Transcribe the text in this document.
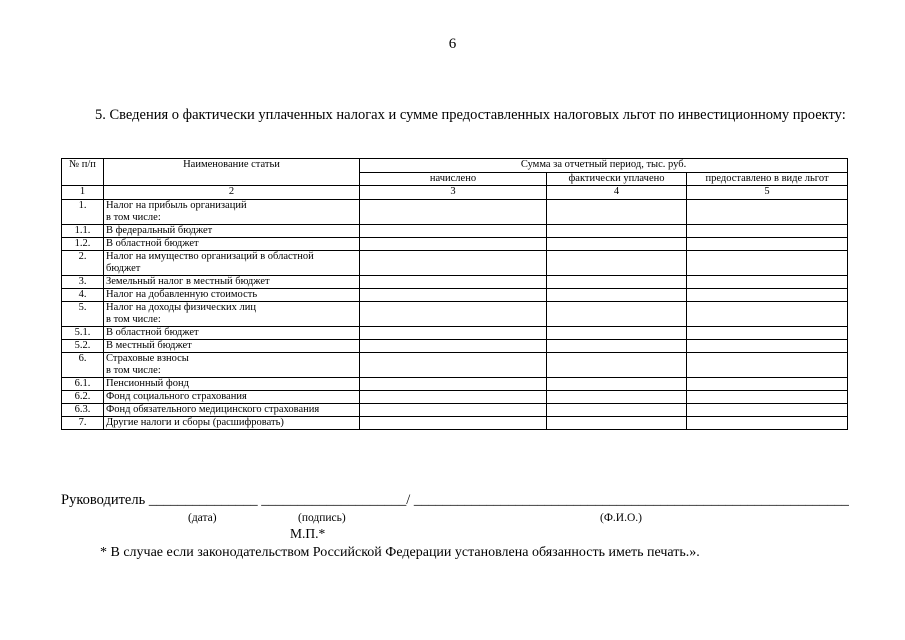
6
5. Сведения о фактически уплаченных налогах и сумме предоставленных налоговых льгот по инвестиционному проекту:
№ п/п	Наименование статьи	Сумма за отчетный период, тыс. руб.		
		начислено	фактически уплачено	предоставлено в виде льгот
1	2	3	4	5
1.	Налог на прибыль организаций
в том числе:			

1.1.	В федеральный бюджет			

1.2.	В областной бюджет			

2.	Налог на имущество организаций в областной
бюджет			

3.	Земельный налог в местный бюджет			

4.	Налог на добавленную стоимость			

5.	Налог на доходы физических лиц
в том числе:			

5.1.	В областной бюджет			

5.2.	В местный бюджет			

6.	Страховые взносы
в том числе:			

6.1.	Пенсионный фонд			

6.2.	Фонд социального страхования			

6.3.	Фонд обязательного медицинского страхования			

7.	Другие налоги и сборы (расшифровать)			

Руководитель _______________ ____________________/ ____________________________________________________________
(дата)	(подпись)	(Ф.И.О.)
М.П.*
* В случае если законодательством Российской Федерации установлена обязанность иметь печать.».
